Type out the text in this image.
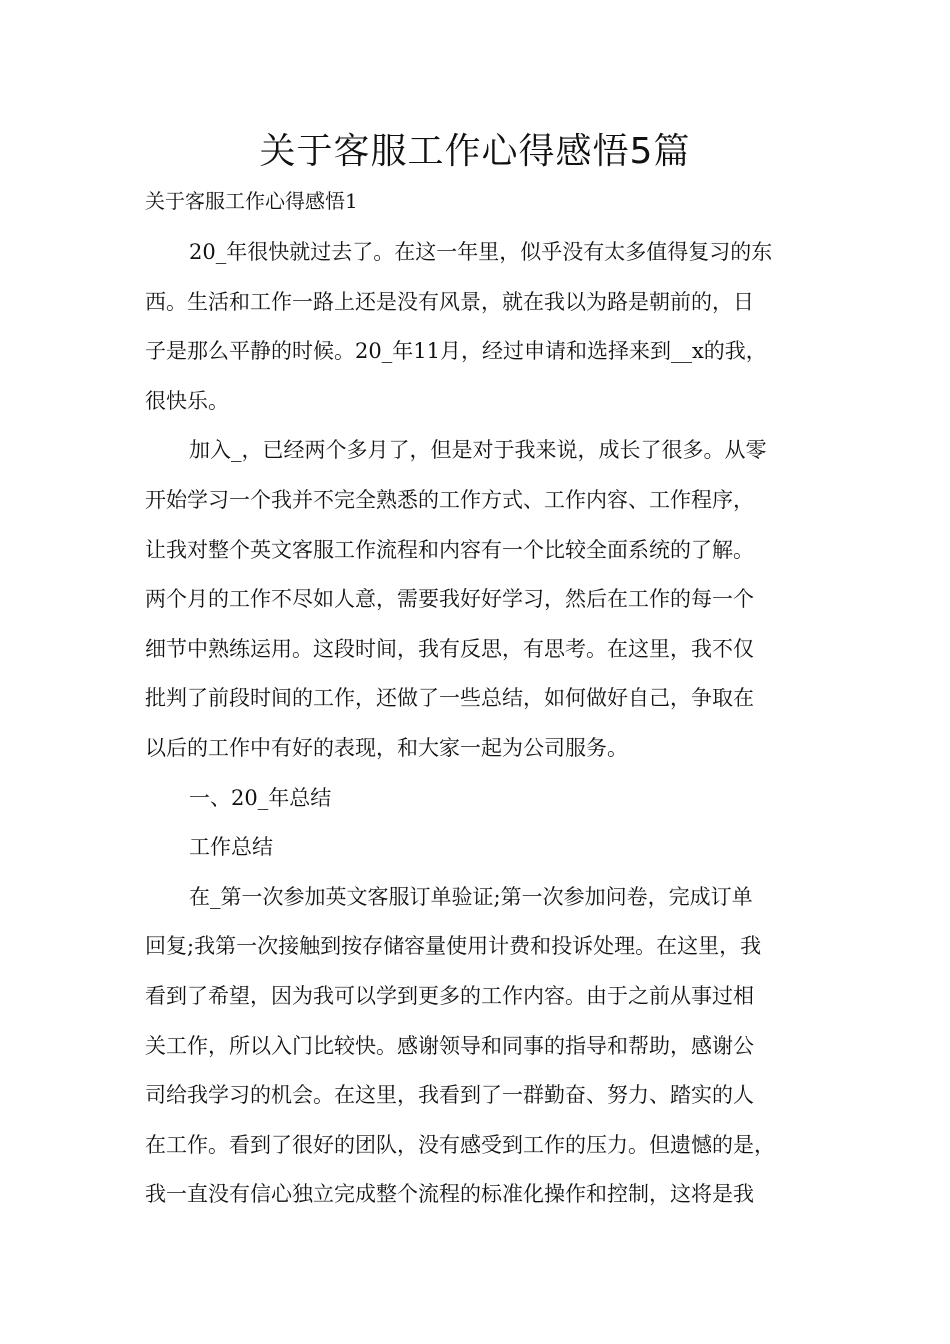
关于客服工作心得感悟5篇

关于客服工作心得感悟1

20_年很快就过去了。在这一年里，似乎没有太多值得复习的东
西。生活和工作一路上还是没有风景，就在我以为路是朝前的，日
子是那么平静的时候。20_年11月，经过申请和选择来到__x的我，
很快乐。
加入_，已经两个多月了，但是对于我来说，成长了很多。从零
开始学习一个我并不完全熟悉的工作方式、工作内容、工作程序，
让我对整个英文客服工作流程和内容有一个比较全面系统的了解。
两个月的工作不尽如人意，需要我好好学习，然后在工作的每一个
细节中熟练运用。这段时间，我有反思，有思考。在这里，我不仅
批判了前段时间的工作，还做了一些总结，如何做好自己，争取在
以后的工作中有好的表现，和大家一起为公司服务。
一、20_年总结
工作总结
在_第一次参加英文客服订单验证;第一次参加问卷，完成订单
回复;我第一次接触到按存储容量使用计费和投诉处理。在这里，我
看到了希望，因为我可以学到更多的工作内容。由于之前从事过相
关工作，所以入门比较快。感谢领导和同事的指导和帮助，感谢公
司给我学习的机会。在这里，我看到了一群勤奋、努力、踏实的人
在工作。看到了很好的团队，没有感受到工作的压力。但遗憾的是，
我一直没有信心独立完成整个流程的标准化操作和控制，这将是我
